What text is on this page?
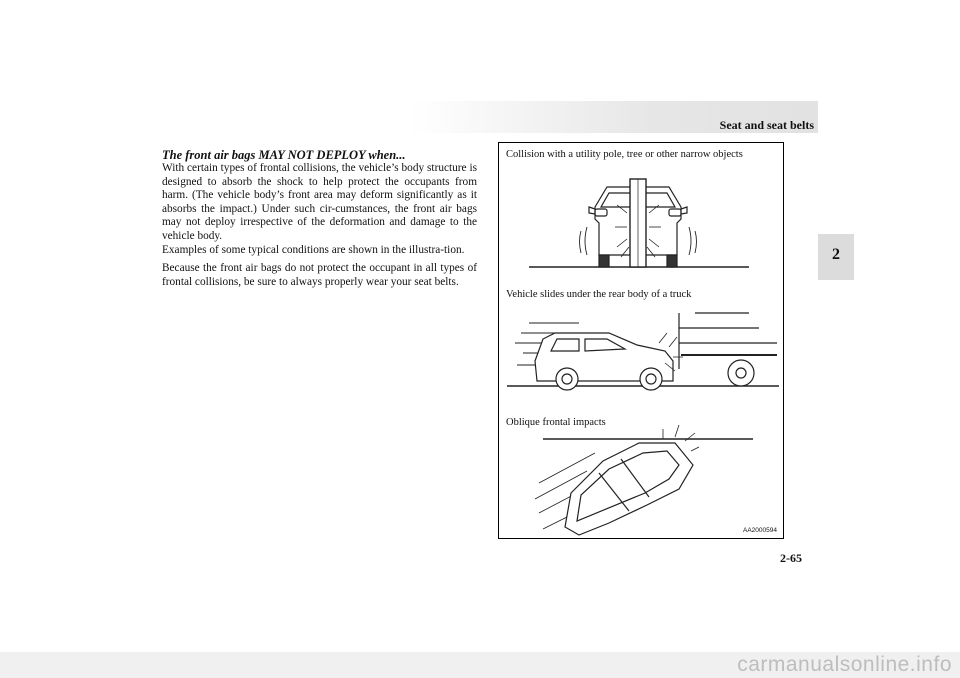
Seat and seat belts
2
The front air bags MAY NOT DEPLOY when...

With certain types of frontal collisions, the vehicle’s body structure is designed to absorb the shock to help protect the occupants from harm. (The vehicle body’s front area may deform significantly as it absorbs the impact.) Under such cir-cumstances, the front air bags may not deploy irrespective of the deformation and damage to the vehicle body.
Examples of some typical conditions are shown in the illustra-tion.

Because the front air bags do not protect the occupant in all types of frontal collisions, be sure to always properly wear your seat belts.

Collision with a utility pole, tree or other narrow objects
Vehicle slides under the rear body of a truck
Oblique frontal impacts
AA2000594
2-65
carmanualsonline.info
